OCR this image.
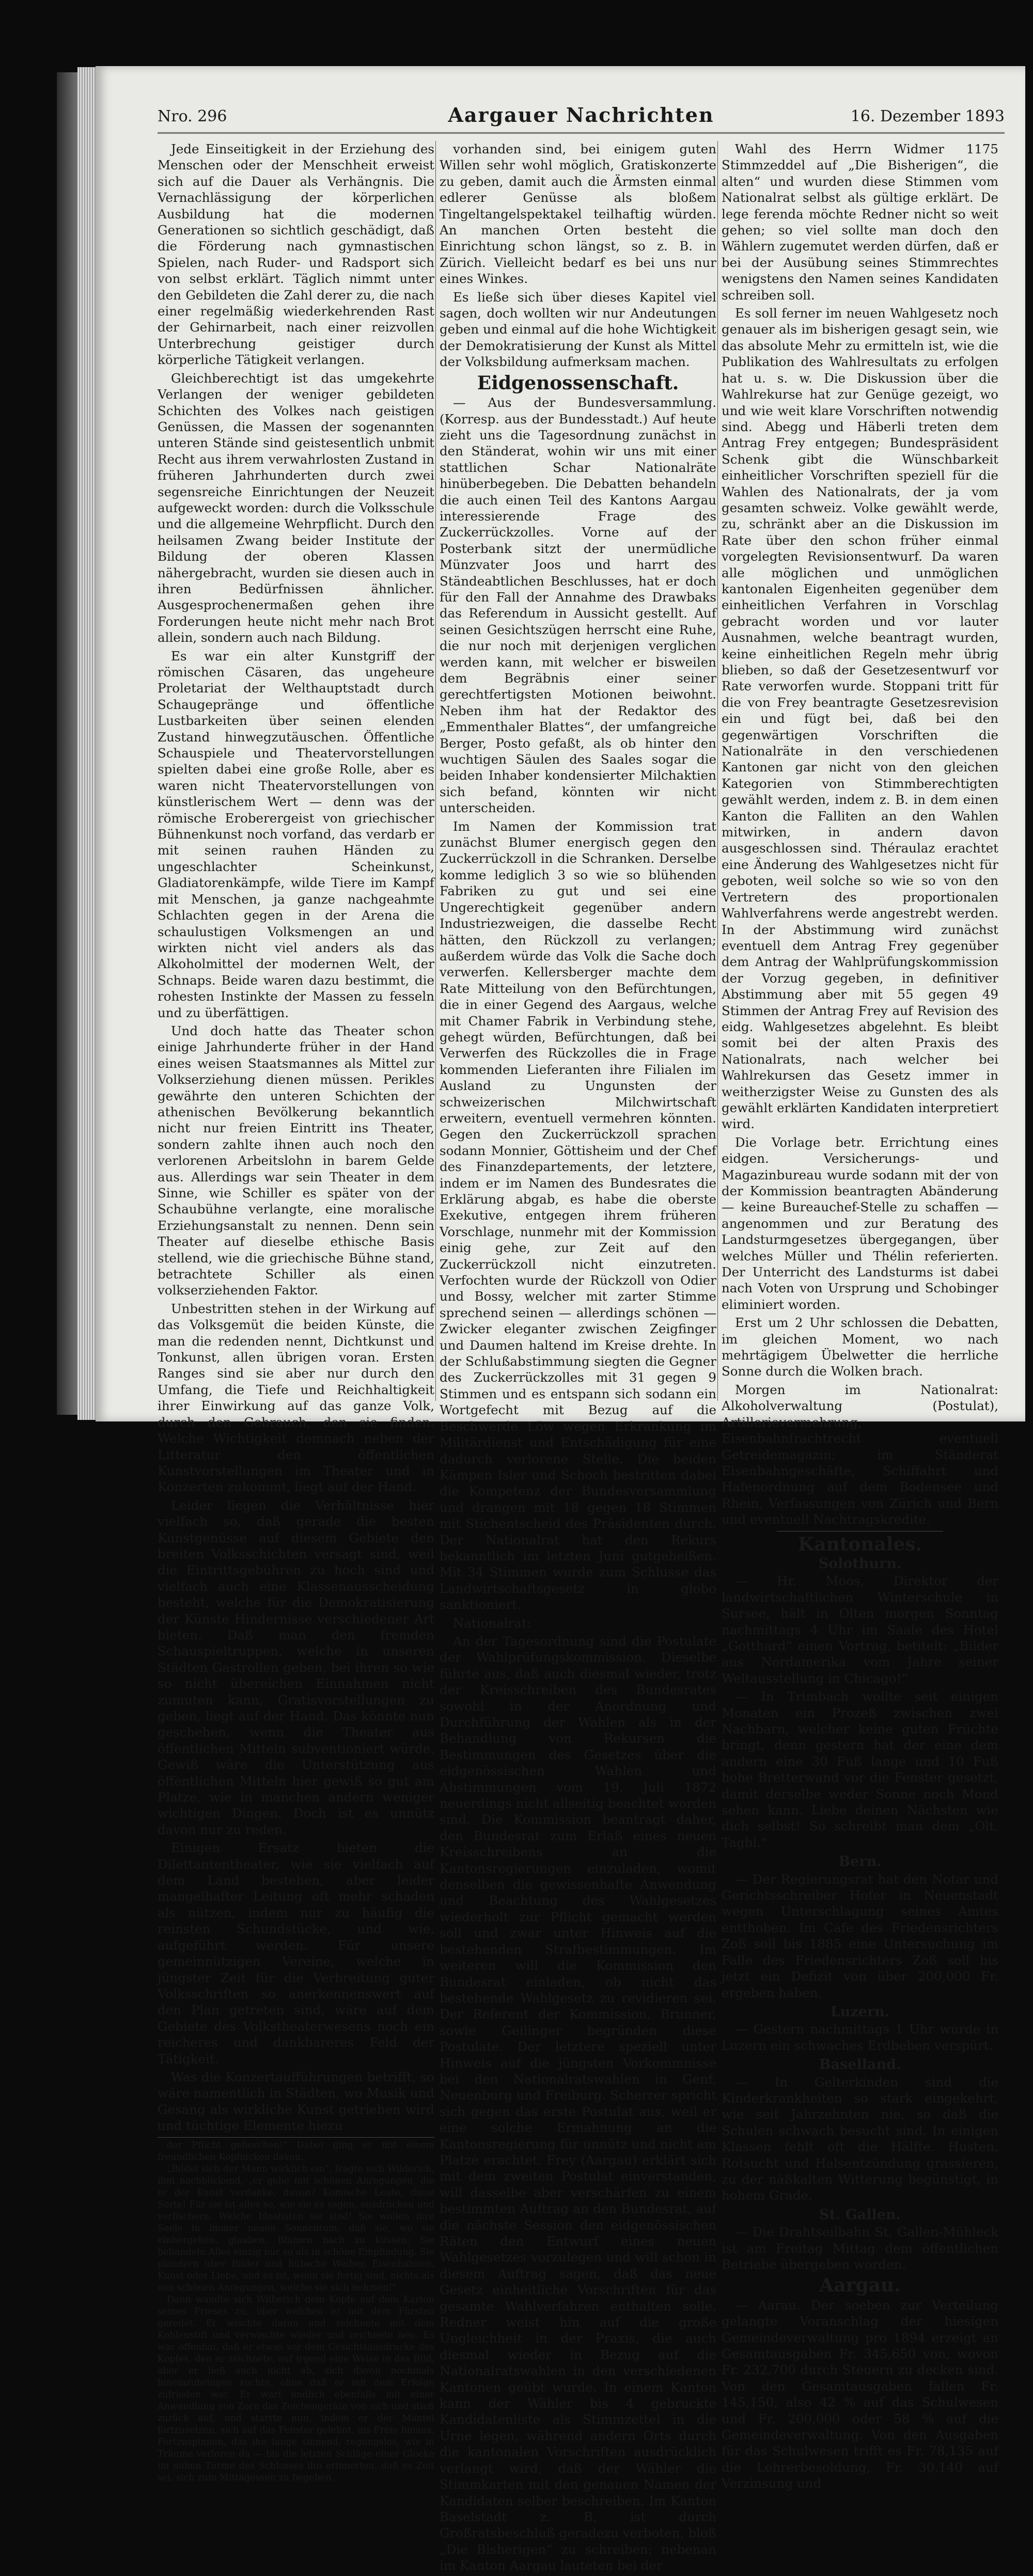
Nro. 296	Aargauer Nachrichten	16. Dezember 1893

Jede Einseitigkeit in der Erziehung des Menschen oder der Menschheit erweist sich auf die Dauer als Verhängnis. Die Vernachlässigung der körperlichen Ausbildung hat die modernen Generationen so sichtlich geschädigt, daß die Förderung nach gymnastischen Spielen, nach Ruder- und Radsport sich von selbst erklärt. Täglich nimmt unter den Gebildeten die Zahl derer zu, die nach einer regelmäßig wiederkehrenden Rast der Gehirnarbeit, nach einer reizvollen Unterbrechung geistiger durch körperliche Tätigkeit verlangen.

Gleichberechtigt ist das umgekehrte Verlangen der weniger gebildeten Schichten des Volkes nach geistigen Genüssen, die Massen der sogenannten unteren Stände sind geistesentlich unbmit Recht aus ihrem verwahrlosten Zustand in früheren Jahrhunderten durch zwei segensreiche Einrichtungen der Neuzeit aufgeweckt worden: durch die Volksschule und die allgemeine Wehrpflicht. Durch den heilsamen Zwang beider Institute der Bildung der oberen Klassen nähergebracht, wurden sie diesen auch in ihren Bedürfnissen ähnlicher. Ausgesprochenermaßen gehen ihre Forderungen heute nicht mehr nach Brot allein, sondern auch nach Bildung.

Es war ein alter Kunstgriff der römischen Cäsaren, das ungeheure Proletariat der Welthauptstadt durch Schaugepränge und öffentliche Lustbarkeiten über seinen elenden Zustand hinwegzutäuschen. Öffentliche Schauspiele und Theatervorstellungen spielten dabei eine große Rolle, aber es waren nicht Theatervorstellungen von künstlerischem Wert — denn was der römische Eroberergeist von griechischer Bühnenkunst noch vorfand, das verdarb er mit seinen rauhen Händen zu ungeschlachter Scheinkunst, Gladiatorenkämpfe, wilde Tiere im Kampf mit Menschen, ja ganze nachgeahmte Schlachten gegen in der Arena die schaulustigen Volksmengen an und wirkten nicht viel anders als das Alkoholmittel der modernen Welt, der Schnaps. Beide waren dazu bestimmt, die rohesten Instinkte der Massen zu fesseln und zu überfättigen.

Und doch hatte das Theater schon einige Jahrhunderte früher in der Hand eines weisen Staatsmannes als Mittel zur Volkserziehung dienen müssen. Perikles gewährte den unteren Schichten der athenischen Bevölkerung bekanntlich nicht nur freien Eintritt ins Theater, sondern zahlte ihnen auch noch den verlorenen Arbeitslohn in barem Gelde aus. Allerdings war sein Theater in dem Sinne, wie Schiller es später von der Schaubühne verlangte, eine moralische Erziehungsanstalt zu nennen. Denn sein Theater auf dieselbe ethische Basis stellend, wie die griechische Bühne stand, betrachtete Schiller als einen volkserziehenden Faktor.

Unbestritten stehen in der Wirkung auf das Volksgemüt die beiden Künste, die man die redenden nennt, Dichtkunst und Tonkunst, allen übrigen voran. Ersten Ranges sind sie aber nur durch den Umfang, die Tiefe und Reichhaltigkeit ihrer Einwirkung auf das ganze Volk, durch den Gebrauch, den sie finden. Welche Wichtigkeit demnach neben der Litteratur den öffentlichen Kunstvorstellungen im Theater und in Konzerten zukommt, liegt auf der Hand.

Leider liegen die Verhältnisse hier vielfach so, daß gerade die besten Kunstgenüsse auf diesem Gebiete den breiten Volksschichten versagt sind, weil die Eintrittsgebühren zu hoch sind und vielfach auch eine Klassenausscheidung besteht, welche für die Demokratisierung der Künste Hindernisse verschiedener Art bieten. Daß man den fremden Schauspieltruppen, welche in unseren Städten Gastrollen geben, bei ihren so wie so nicht übereichen Einnahmen nicht zumuten kann, Gratisvorstellungen zu geben, liegt auf der Hand. Das könnte nun geschehen, wenn die Theater aus öffentlichen Mitteln subventioniert würde. Gewiß wäre die Unterstützung aus öffentlichen Mitteln hier gewiß so gut am Platze, wie in manchen andern weniger wichtigen Dingen. Doch ist es unnütz davon nur zu reden.

Einigen Ersatz bieten die Dilettantentheater, wie sie vielfach auf dem Land bestehen, aber leider mangelhafter Leitung oft mehr schaden als nützen, indem nur zu häufig die reinsten Schundstücke, und wie, aufgeführt werden. Für unsere gemeinnützigen Vereine, welche in jüngster Zeit für die Verbreitung guter Volksschriften so anerkennenswert auf den Plan getreten sind, wäre auf dem Gebiete des Volkstheaterwesens noch ein reicheres und dankbareres Feld der Tätigkeit.

Was die Konzertaufführungen betrifft, so wäre namentlich in Städten, wo Musik und Gesang als wirkliche Kunst getrieben wird und tüchtige Elemente hiezu

der Pflicht gehorchen!" Dabei ging er mit einem freundlichen Kopfnicken davon.

„Bildet sich der Mann wirklich ein“, fragte sich Wilderich, ihm nachblickend, „er gehe mit schönen Anregungen, die er der Kunst verdanke, davon? Komische Leute, diese Sorte! Für sie ist alles so, wie sie es sagen, ausdrücken und verfischern. Welche Idealisten sie sind! Sie wollen ihre Seele in immer neuen Sonnentum, daß sie, wo sie einhergehen, glauben, Blumen nach zu küssen; Sie behandeln Alles einzig nur so als in schöne Empfindung. Sie plaudern über Bilder und hübsche Weiber, Eisenbahnen, Kunst oder Liebe, und es ist, wenn sie fertig sind, nichts als von schönen Anregungen, welche sie sich nehmen!"

Dann wandte sich Wilberich dem Kopfe auf dem Karton seines Frieses zu, über welchen er mit dem Fürsten geredet. Er wischte daran und zeichnete mit dem Kohlenstift und verwischte wieder und zeichnete neu. Es war offenbar, daß er etwas vor dem Gesichtsausdrucke des Kopfes, den er zeichnete, auf irgend eine Weise in das Bild, aber er ließ auch nicht ab, sich davon nochmals hineinzubringen suchte, ohne daß er mit dem Erfolge zufrieden war. Er warf endlich ebenfalls mit einer Anwandlung von Zorn das Zeichengeräte von sich und stieß zurück auf, und starrte nun, indem er der Mantel fortzusetzen, sich auf das Fenster gelehnt, ins Freie hinaus. Fortzuspinnen, das ihn lange sinnend, regungslos, wie in Träume verloren da — bis die letzten Schläge einer Glocke im nahen Turme des Schlosses ihn erinnerten, daß es Zeit sei, sich zum Mittagessen zu begeben.

vorhanden sind, bei einigem guten Willen sehr wohl möglich, Gratiskonzerte zu geben, damit auch die Ärmsten einmal edlerer Genüsse als bloßem Tingeltangelspektakel teilhaftig würden. An manchen Orten besteht die Einrichtung schon längst, so z. B. in Zürich. Vielleicht bedarf es bei uns nur eines Winkes.

Es ließe sich über dieses Kapitel viel sagen, doch wollten wir nur Andeutungen geben und einmal auf die hohe Wichtigkeit der Demokratisierung der Kunst als Mittel der Volksbildung aufmerksam machen.

Eidgenossenschaft.

— Aus der Bundesversammlung. (Korresp. aus der Bundesstadt.) Auf heute zieht uns die Tagesordnung zunächst in den Ständerat, wohin wir uns mit einer stattlichen Schar Nationalräte hinüberbegeben. Die Debatten behandeln die auch einen Teil des Kantons Aargau interessierende Frage des Zuckerrückzolles. Vorne auf der Posterbank sitzt der unermüdliche Münzvater Joos und harrt des Ständeabtlichen Beschlusses, hat er doch für den Fall der Annahme des Drawbaks das Referendum in Aussicht gestellt. Auf seinen Gesichtszügen herrscht eine Ruhe, die nur noch mit derjenigen verglichen werden kann, mit welcher er bisweilen dem Begräbnis einer seiner gerechtfertigsten Motionen beiwohnt. Neben ihm hat der Redaktor des „Emmenthaler Blattes“, der umfangreiche Berger, Posto gefaßt, als ob hinter den wuchtigen Säulen des Saales sogar die beiden Inhaber kondensierter Milchaktien sich befand, könnten wir nicht unterscheiden.

Im Namen der Kommission trat zunächst Blumer energisch gegen den Zuckerrückzoll in die Schranken. Derselbe komme lediglich 3 so wie so blühenden Fabriken zu gut und sei eine Ungerechtigkeit gegenüber andern Industriezweigen, die dasselbe Recht hätten, den Rückzoll zu verlangen; außerdem würde das Volk die Sache doch verwerfen. Kellersberger machte dem Rate Mitteilung von den Befürchtungen, die in einer Gegend des Aargaus, welche mit Chamer Fabrik in Verbindung stehe, gehegt würden, Befürchtungen, daß bei Verwerfen des Rückzolles die in Frage kommenden Lieferanten ihre Filialen im Ausland zu Ungunsten der schweizerischen Milchwirtschaft erweitern, eventuell vermehren könnten. Gegen den Zuckerrückzoll sprachen sodann Monnier, Göttisheim und der Chef des Finanzdepartements, der letztere, indem er im Namen des Bundesrates die Erklärung abgab, es habe die oberste Exekutive, entgegen ihrem früheren Vorschlage, nunmehr mit der Kommission einig gehe, zur Zeit auf den Zuckerrückzoll nicht einzutreten. Verfochten wurde der Rückzoll von Odier und Bossy, welcher mit zarter Stimme sprechend seinen — allerdings schönen — Zwicker eleganter zwischen Zeigfinger und Daumen haltend im Kreise drehte. In der Schlußabstimmung siegten die Gegner des Zuckerrückzolles mit 31 gegen 9 Stimmen und es entspann sich sodann ein Wortgefecht mit Bezug auf die Beschwerde Löw wegen Erkrankung im Militärdienst und Entschädigung für eine dadurch verlorene Stelle. Die beiden Kämpen Isler und Schoch bestritten dabei die Kompetenz der Bundesversammlung und drangen mit 18 gegen 18 Stimmen mit Stichentscheid des Präsidenten durch. Der Nationalrat hat den Rekurs bekanntlich im letzten Juni gutgeheißen. Mit 34 Stimmen wurde zum Schlusse das Landwirtschaftsgesetz in globo sanktioniert.

Nationalrat:

An der Tagesordnung sind die Postulate der Wahlprüfungskommission. Dieselbe führte aus, daß auch diesmal wieder, trotz der Kreisschreiben des Bundesrates sowohl in der Anordnung und Durchführung der Wahlen als in der Behandlung von Rekursen die Bestimmungen des Gesetzes über die eidgenössischen Wahlen und Abstimmungen vom 19. Juli 1872 neuerdings nicht allseitig beachtet worden sind. Die Kommission beantragt daher, den Bundesrat zum Erlaß eines neuen Kreisschreibens an die Kantonsregierungen einzuladen, womit denselben die gewissenhafte Anwendung und Beachtung des Wahlgesetzes wiederholt zur Pflicht gemacht werden soll und zwar unter Hinweis auf die bestehenden Strafbestimmungen. Im weiteren will die Kommission den Bundesrat einladen, ob nicht das bestehende Wahlgesetz zu revidieren sei. Der Referent der Kommission, Brunner, sowie Geilinger begründen diese Postulate. Der letztere speziell unter Hinweis auf die jüngsten Vorkommnisse bei den Nationalratswahlen in Genf, Neuenburg und Freiburg. Scherrer spricht sich gegen das erste Postulat aus, weil er eine solche Ermahnung an die Kantonsregierung für unnütz und nicht am Platze erachtet. Frey (Aargau) erklärt sich mit dem zweiten Postulat einverstanden, will dasselbe aber verschärfen zu einem bestimmten Auftrag an den Bundesrat, auf die nächste Session den eidgenössischen Räten den Entwurf eines neuen Wahlgesetzes vorzulegen und will schon in diesem Auftrag sagen, daß das neue Gesetz einheitliche Vorschriften für das gesamte Wahlverfahren enthalten solle. Redner weist hin auf die große Ungleichheit in der Praxis, die auch diesmal wieder in Bezug auf die Nationalratswahlen in den verschiedenen Kantonen geübt wurde. In einem Kanton kann der Wähler bis 4 gebruckte Kandidatenliste als Stimmzettel in die Urne legen, während andern Orts durch die kantonalen Vorschriften ausdrücklich verlangt wird, daß der Wähler die Stimmkarten mit den genauen Namen der Kandidaten selber beschreiben. Im Kanton Baselstadt z. B. ist durch Großratsbeschluß geradezu verboten, bloß „Die Bisherigen“ zu schreiben; nebenan im Kanton Aargau lauteten bei der

Wahl des Herrn Widmer 1175 Stimmzeddel auf „Die Bisherigen“, die alten“ und wurden diese Stimmen vom Nationalrat selbst als gültige erklärt. De lege ferenda möchte Redner nicht so weit gehen; so viel sollte man doch den Wählern zugemutet werden dürfen, daß er bei der Ausübung seines Stimmrechtes wenigstens den Namen seines Kandidaten schreiben soll.

Es soll ferner im neuen Wahlgesetz noch genauer als im bisherigen gesagt sein, wie das absolute Mehr zu ermitteln ist, wie die Publikation des Wahlresultats zu erfolgen hat u. s. w. Die Diskussion über die Wahlrekurse hat zur Genüge gezeigt, wo und wie weit klare Vorschriften notwendig sind. Abegg und Häberli treten dem Antrag Frey entgegen; Bundespräsident Schenk gibt die Wünschbarkeit einheitlicher Vorschriften speziell für die Wahlen des Nationalrats, der ja vom gesamten schweiz. Volke gewählt werde, zu, schränkt aber an die Diskussion im Rate über den schon früher einmal vorgelegten Revisionsentwurf. Da waren alle möglichen und unmöglichen kantonalen Eigenheiten gegenüber dem einheitlichen Verfahren in Vorschlag gebracht worden und vor lauter Ausnahmen, welche beantragt wurden, keine einheitlichen Regeln mehr übrig blieben, so daß der Gesetzesentwurf vor Rate verworfen wurde. Stoppani tritt für die von Frey beantragte Gesetzesrevision ein und fügt bei, daß bei den gegenwärtigen Vorschriften die Nationalräte in den verschiedenen Kantonen gar nicht von den gleichen Kategorien von Stimmberechtigten gewählt werden, indem z. B. in dem einen Kanton die Falliten an den Wahlen mitwirken, in andern davon ausgeschlossen sind. Théraulaz erachtet eine Änderung des Wahlgesetzes nicht für geboten, weil solche so wie so von den Vertretern des proportionalen Wahlverfahrens werde angestrebt werden. In der Abstimmung wird zunächst eventuell dem Antrag Frey gegenüber dem Antrag der Wahlprüfungskommission der Vorzug gegeben, in definitiver Abstimmung aber mit 55 gegen 49 Stimmen der Antrag Frey auf Revision des eidg. Wahlgesetzes abgelehnt. Es bleibt somit bei der alten Praxis des Nationalrats, nach welcher bei Wahlrekursen das Gesetz immer in weitherzigster Weise zu Gunsten des als gewählt erklärten Kandidaten interpretiert wird.

Die Vorlage betr. Errichtung eines eidgen. Versicherungs- und Magazinbureau wurde sodann mit der von der Kommission beantragten Abänderung — keine Bureauchef-Stelle zu schaffen — angenommen und zur Beratung des Landsturmgesetzes übergegangen, über welches Müller und Thélin referierten. Der Unterricht des Landsturms ist dabei nach Voten von Ursprung und Schobinger eliminiert worden.

Erst um 2 Uhr schlossen die Debatten, im gleichen Moment, wo nach mehrtägigem Übelwetter die herrliche Sonne durch die Wolken brach.

Morgen im Nationalrat: Alkoholverwaltung (Postulat), Artillerievermehrung, Eisenbahnfrachtrecht eventuell Getreidemagazin; im Ständerat Eisenbahngeschäfte, Schiffahrt und Hafenordnung auf dem Bodensee und Rhein, Verfassungen von Zürich und Bern und eventuell Nachtragskredite.

Kantonales.
Solothurn.

— Hr. Moos, Direktor der landwirtschaftlichen Winterschule in Sursee, hält in Olten morgen Sonntag nachmittags 4 Uhr im Saale des Hotel „Gotthard“ einen Vortrag, betitelt: „Bilder aus Nordamerika vom Jahre seiner Weltausstellung in Chicago!“

— In Trimbach wollte seit einigen Monaten ein Prozeß zwischen zwei Nachbarn, welcher keine guten Früchte bringt, denn gestern hat der eine dem andern eine 30 Fuß lange und 10 Fuß hohe Bretterwand vor die Fenster gesetzt, damit derselbe weder Sonne noch Mond sehen kann. Liebe deinen Nächsten wie dich selbst! So schreibt man dem „Olt. Tagbl.“

Bern.

— Der Regierungsrat hat den Notar und Gerichtsschreiber Hofer in Neuenstadt wegen Unterschlagung seines Amtes entthoben. Im Cafe des Friedensrichters Zoß soll bis 1885 eine Untersuchung im Falle des Friedensrichters Zoß soll bis jetzt ein Defizit von über 200,000 Fr. ergeben haben.

Luzern.

— Gestern nachmittags 1 Uhr wurde in Luzern ein schwaches Erdbeben verspürt.

Baselland.

— In Gelterkinden sind die Kinderkrankheiten so stark eingekehrt, wie seit Jahrzehnten nie, so daß die Schulen schwach besucht sind. In einigen Klassen fehlt oft die Hälfte. Husten, Rotsucht und Halsentzündung grassieren, zu der näßkalten Witterung begünstigt, in hohem Grade.

St. Gallen.

— Die Drahtseilbahn St. Gallen-Mühleck ist am Freitag Mittag dem öffentlichen Betriebe übergeben worden.

Aargau.

— Aarau. Der soeben zur Verteilung gelangte Voranschlag der hiesigen Gemeindeverwaltung pro 1894 erzeigt an Gesamtausgaben Fr. 345,650 von, wovon Fr. 232,700 durch Steuern zu decken sind. Von den Gesamtausgaben fallen Fr. 145,150, also 42 % auf das Schulwesen und Fr. 200,000 oder 58 % auf die Gemeindeverwaltung. Von den Ausgaben für das Schulwesen trifft es Fr. 78,135 auf die Lehrerbesoldung, Fr. 30,140 auf Verzinsung und
